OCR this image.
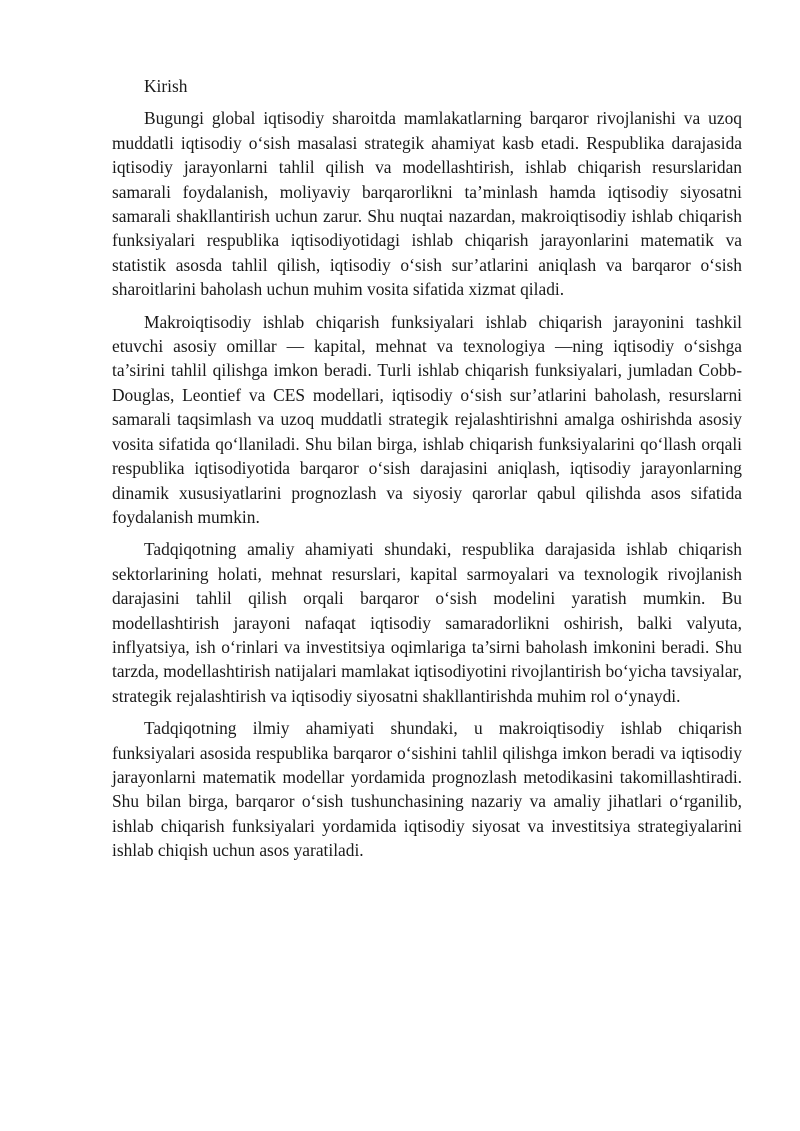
Kirish

Bugungi global iqtisodiy sharoitda mamlakatlarning barqaror rivojlanishi va uzoq muddatli iqtisodiy o‘sish masalasi strategik ahamiyat kasb etadi. Respublika darajasida iqtisodiy jarayonlarni tahlil qilish va modellashtirish, ishlab chiqarish resurslaridan samarali foydalanish, moliyaviy barqarorlikni ta’minlash hamda iqtisodiy siyosatni samarali shakllantirish uchun zarur. Shu nuqtai nazardan, makroiqtisodiy ishlab chiqarish funksiyalari respublika iqtisodiyotidagi ishlab chiqarish jarayonlarini matematik va statistik asosda tahlil qilish, iqtisodiy o‘sish sur’atlarini aniqlash va barqaror o‘sish sharoitlarini baholash uchun muhim vosita sifatida xizmat qiladi.

Makroiqtisodiy ishlab chiqarish funksiyalari ishlab chiqarish jarayonini tashkil etuvchi asosiy omillar — kapital, mehnat va texnologiya —ning iqtisodiy o‘sishga ta’sirini tahlil qilishga imkon beradi. Turli ishlab chiqarish funksiyalari, jumladan Cobb-Douglas, Leontief va CES modellari, iqtisodiy o‘sish sur’atlarini baholash, resurslarni samarali taqsimlash va uzoq muddatli strategik rejalashtirishni amalga oshirishda asosiy vosita sifatida qo‘llaniladi. Shu bilan birga, ishlab chiqarish funksiyalarini qo‘llash orqali respublika iqtisodiyotida barqaror o‘sish darajasini aniqlash, iqtisodiy jarayonlarning dinamik xususiyatlarini prognozlash va siyosiy qarorlar qabul qilishda asos sifatida foydalanish mumkin.

Tadqiqotning amaliy ahamiyati shundaki, respublika darajasida ishlab chiqarish sektorlarining holati, mehnat resurslari, kapital sarmoyalari va texnologik rivojlanish darajasini tahlil qilish orqali barqaror o‘sish modelini yaratish mumkin. Bu modellashtirish jarayoni nafaqat iqtisodiy samaradorlikni oshirish, balki valyuta, inflyatsiya, ish o‘rinlari va investitsiya oqimlariga ta’sirni baholash imkonini beradi. Shu tarzda, modellashtirish natijalari mamlakat iqtisodiyotini rivojlantirish bo‘yicha tavsiyalar, strategik rejalashtirish va iqtisodiy siyosatni shakllantirishda muhim rol o‘ynaydi.

Tadqiqotning ilmiy ahamiyati shundaki, u makroiqtisodiy ishlab chiqarish funksiyalari asosida respublika barqaror o‘sishini tahlil qilishga imkon beradi va iqtisodiy jarayonlarni matematik modellar yordamida prognozlash metodikasini takomillashtiradi. Shu bilan birga, barqaror o‘sish tushunchasining nazariy va amaliy jihatlari o‘rganilib, ishlab chiqarish funksiyalari yordamida iqtisodiy siyosat va investitsiya strategiyalarini ishlab chiqish uchun asos yaratiladi.
